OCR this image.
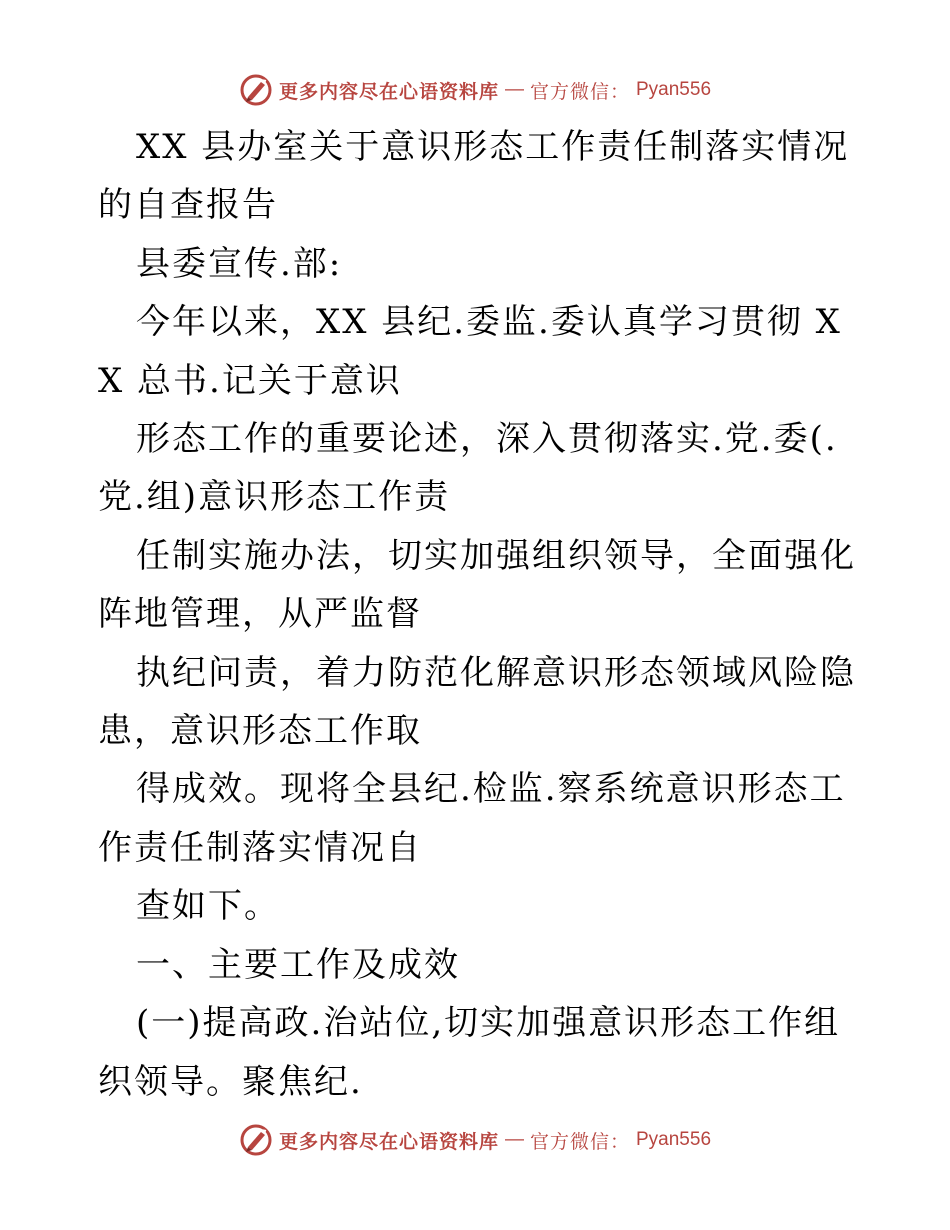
更多内容尽在心语资料库 — 官方微信： Pyan556

XX 县办室关于意识形态工作责任制落实情况的自查报告

县委宣传.部:

今年以来，XX 县纪.委监.委认真学习贯彻 XX 总书.记关于意识

形态工作的重要论述，深入贯彻落实.党.委(.党.组)意识形态工作责

任制实施办法，切实加强组织领导，全面强化阵地管理，从严监督

执纪问责，着力防范化解意识形态领域风险隐患，意识形态工作取

得成效。现将全县纪.检监.察系统意识形态工作责任制落实情况自

查如下。

一、主要工作及成效

(一)提高政.治站位,切实加强意识形态工作组织领导。聚焦纪.

更多内容尽在心语资料库 — 官方微信： Pyan556
